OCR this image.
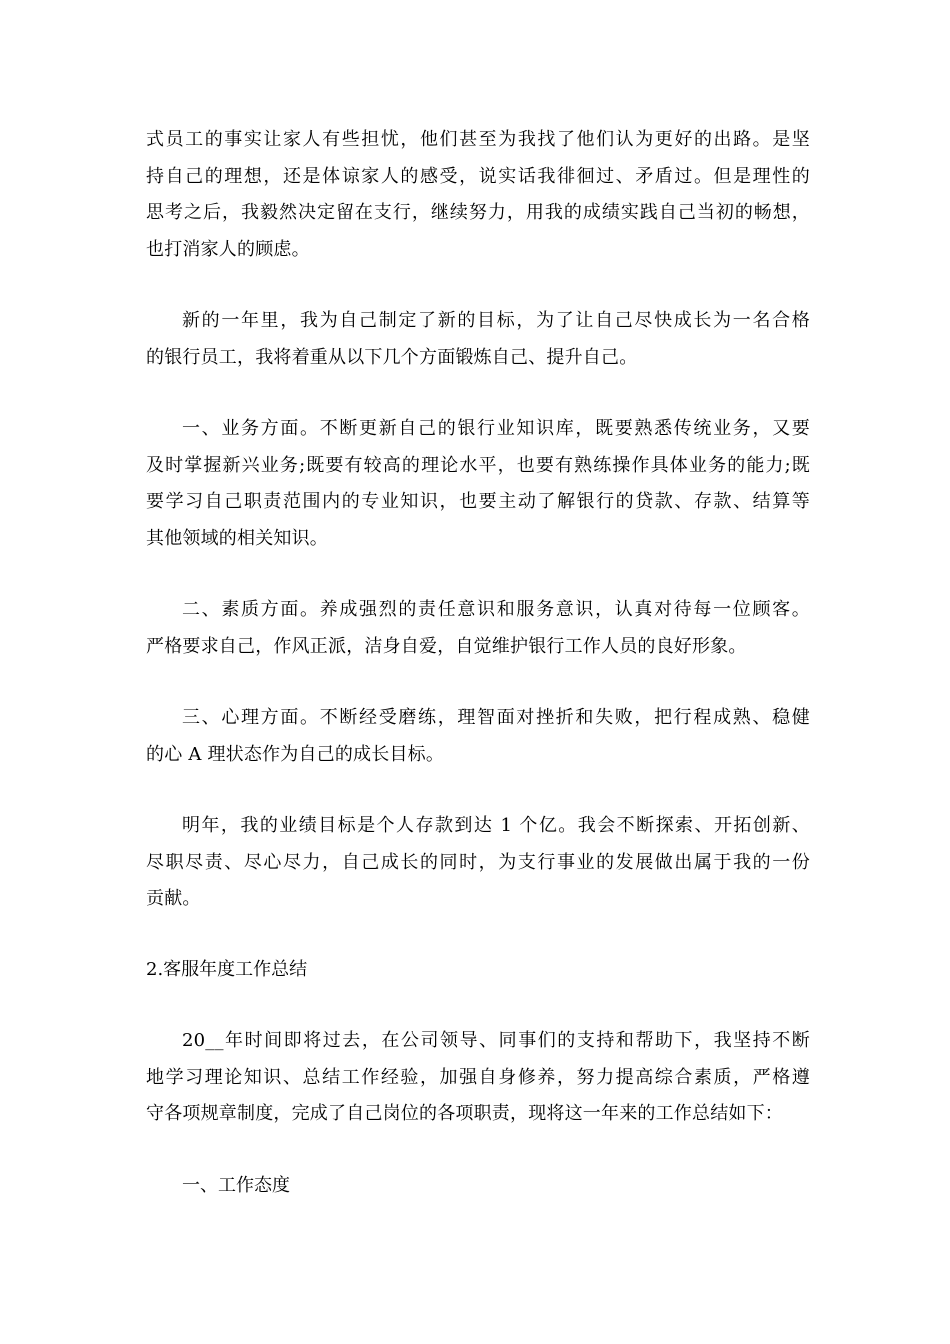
式员工的事实让家人有些担忧，他们甚至为我找了他们认为更好的出路。是坚
持自己的理想，还是体谅家人的感受，说实话我徘徊过、矛盾过。但是理性的
思考之后，我毅然决定留在支行，继续努力，用我的成绩实践自己当初的畅想，
也打消家人的顾虑。

新的一年里，我为自己制定了新的目标，为了让自己尽快成长为一名合格
的银行员工，我将着重从以下几个方面锻炼自己、提升自己。

一、业务方面。不断更新自己的银行业知识库，既要熟悉传统业务，又要
及时掌握新兴业务;既要有较高的理论水平，也要有熟练操作具体业务的能力;既
要学习自己职责范围内的专业知识，也要主动了解银行的贷款、存款、结算等
其他领域的相关知识。

二、素质方面。养成强烈的责任意识和服务意识，认真对待每一位顾客。
严格要求自己，作风正派，洁身自爱，自觉维护银行工作人员的良好形象。

三、心理方面。不断经受磨练，理智面对挫折和失败，把行程成熟、稳健
的心 A 理状态作为自己的成长目标。

明年，我的业绩目标是个人存款到达 1 个亿。我会不断探索、开拓创新、
尽职尽责、尽心尽力，自己成长的同时，为支行事业的发展做出属于我的一份
贡献。

2.客服年度工作总结

20__年时间即将过去，在公司领导、同事们的支持和帮助下，我坚持不断
地学习理论知识、总结工作经验，加强自身修养，努力提高综合素质，严格遵
守各项规章制度，完成了自己岗位的各项职责，现将这一年来的工作总结如下：

一、工作态度
